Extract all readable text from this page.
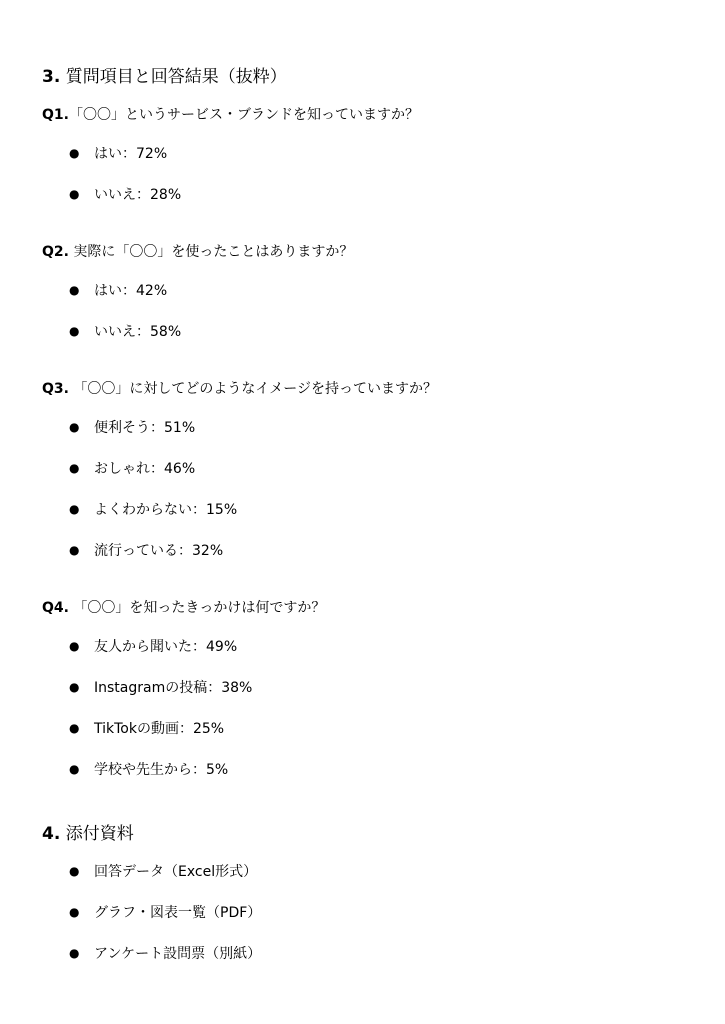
3. 質問項目と回答結果（抜粋）
Q1.「〇〇」というサービス・ブランドを知っていますか？
● はい：72%
● いいえ：28%
Q2. 実際に「〇〇」を使ったことはありますか？
● はい：42%
● いいえ：58%
Q3. 「〇〇」に対してどのようなイメージを持っていますか？
● 便利そう：51%
● おしゃれ：46%
● よくわからない：15%
● 流行っている：32%
Q4. 「〇〇」を知ったきっかけは何ですか？
● 友人から聞いた：49%
● Instagramの投稿：38%
● TikTokの動画：25%
● 学校や先生から：5%
4. 添付資料
● 回答データ（Excel形式）
● グラフ・図表一覧（PDF）
● アンケート設問票（別紙）
